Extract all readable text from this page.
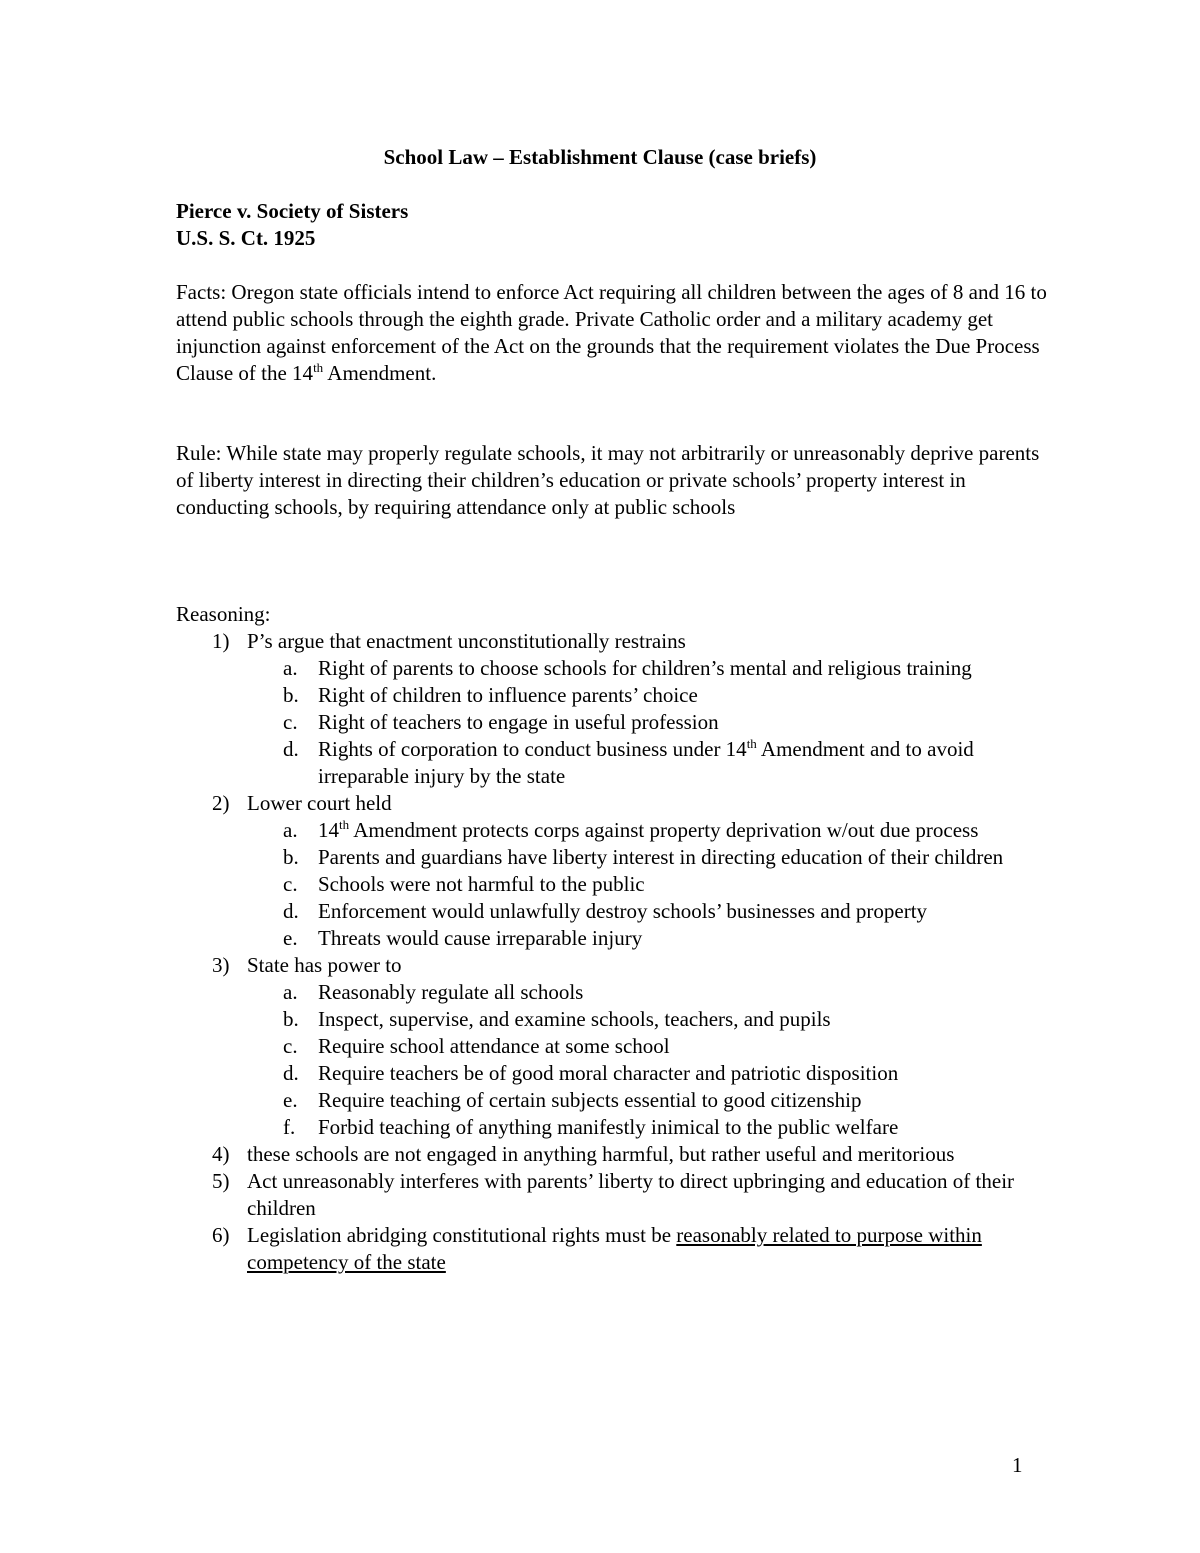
School Law – Establishment Clause (case briefs)
Pierce v. Society of Sisters
U.S. S. Ct. 1925

Facts: Oregon state officials intend to enforce Act requiring all children between the ages of 8 and 16 to attend public schools through the eighth grade. Private Catholic order and a military academy get injunction against enforcement of the Act on the grounds that the requirement violates the Due Process Clause of the 14th Amendment.

Rule: While state may properly regulate schools, it may not arbitrarily or unreasonably deprive parents of liberty interest in directing their children’s education or private schools’ property interest in conducting schools, by requiring attendance only at public schools

Reasoning:
1) P’s argue that enactment unconstitutionally restrains
a. Right of parents to choose schools for children’s mental and religious training
b. Right of children to influence parents’ choice
c. Right of teachers to engage in useful profession
d. Rights of corporation to conduct business under 14th Amendment and to avoid irreparable injury by the state
2) Lower court held
a. 14th Amendment protects corps against property deprivation w/out due process
b. Parents and guardians have liberty interest in directing education of their children
c. Schools were not harmful to the public
d. Enforcement would unlawfully destroy schools’ businesses and property
e. Threats would cause irreparable injury
3) State has power to
a. Reasonably regulate all schools
b. Inspect, supervise, and examine schools, teachers, and pupils
c. Require school attendance at some school
d. Require teachers be of good moral character and patriotic disposition
e. Require teaching of certain subjects essential to good citizenship
f. Forbid teaching of anything manifestly inimical to the public welfare
4) these schools are not engaged in anything harmful, but rather useful and meritorious
5) Act unreasonably interferes with parents’ liberty to direct upbringing and education of their children
6) Legislation abridging constitutional rights must be reasonably related to purpose within competency of the state
1
